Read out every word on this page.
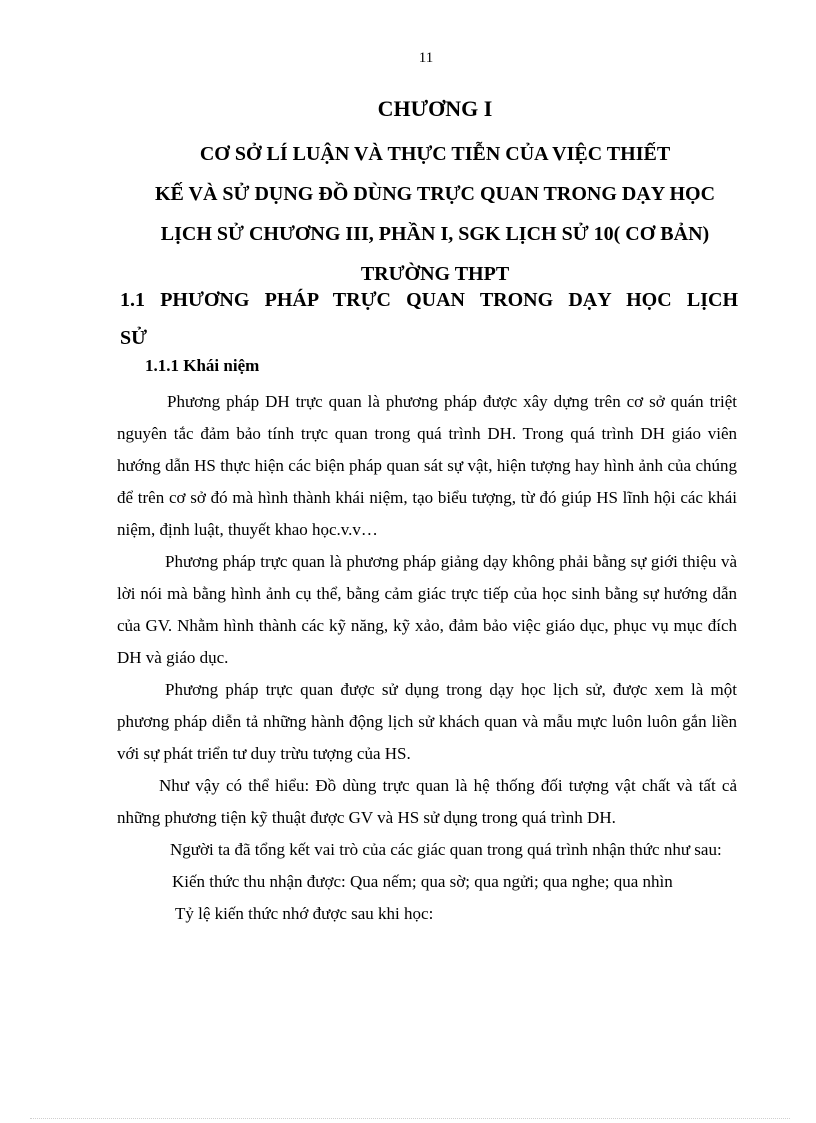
11
CHƯƠNG I
CƠ SỞ LÍ LUẬN VÀ THỰC TIỄN CỦA VIỆC THIẾT
KẾ VÀ SỬ DỤNG ĐỒ DÙNG TRỰC QUAN TRONG DẠY HỌC
LỊCH SỬ CHƯƠNG III, PHẦN I, SGK LỊCH SỬ 10( CƠ BẢN)
TRƯỜNG THPT
1.1 PHƯƠNG PHÁP TRỰC QUAN TRONG DẠY HỌC LỊCH
SỬ
1.1.1 Khái niệm

Phương pháp DH trực quan là phương pháp được xây dựng trên cơ sở quán triệt nguyên tắc đảm bảo tính trực quan trong quá trình DH. Trong quá trình DH giáo viên hướng dẫn HS thực hiện các biện pháp quan sát sự vật, hiện tượng hay hình ảnh của chúng để trên cơ sở đó mà hình thành khái niệm, tạo biểu tượng, từ đó giúp HS lĩnh hội các khái niệm, định luật, thuyết khao học.v.v…

Phương pháp trực quan là phương pháp giảng dạy không phải bằng sự giới thiệu và lời nói mà bằng hình ảnh cụ thể, bằng cảm giác trực tiếp của học sinh bằng sự hướng dẫn của GV. Nhằm hình thành các kỹ năng, kỹ xảo, đảm bảo việc giáo dục, phục vụ mục đích DH và giáo dục.

Phương pháp trực quan được sử dụng trong dạy học lịch sử, được xem là một phương pháp diễn tả những hành động lịch sử khách quan và mẫu mực luôn luôn gắn liền với sự phát triển tư duy trừu tượng của HS.

Như vậy có thể hiểu: Đồ dùng trực quan là hệ thống đối tượng vật chất và tất cả những phương tiện kỹ thuật được GV và HS sử dụng trong quá trình DH.

Người ta đã tổng kết vai trò của các giác quan trong quá trình nhận thức như sau:

Kiến thức thu nhận được: Qua nếm; qua sờ; qua ngửi; qua nghe; qua nhìn

Tỷ lệ kiến thức nhớ được sau khi học:
